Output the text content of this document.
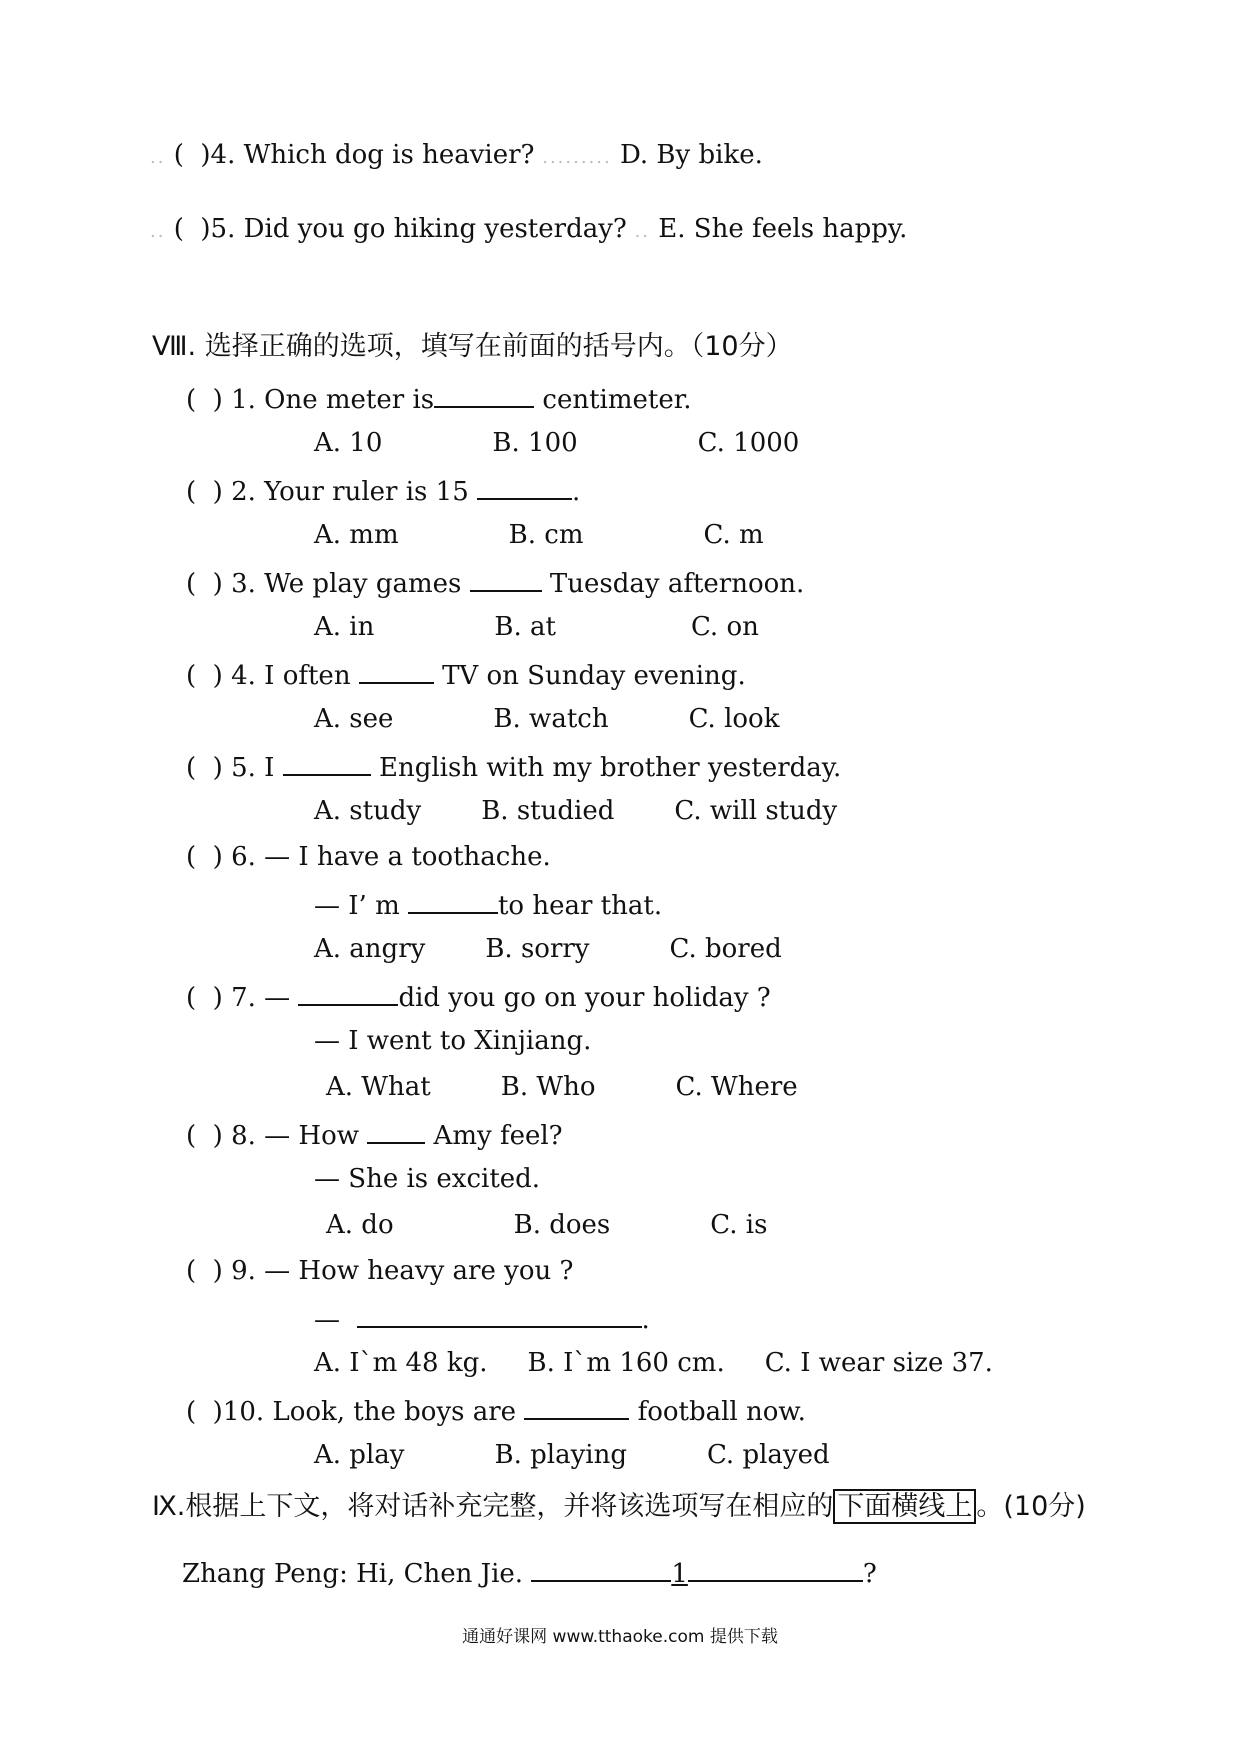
.. (  )4. Which dog is heavier? ......... D. By bike.
.. (  )5. Did you go hiking yesterday? .. E. She feels happy.
Ⅷ. 选择正确的选项，填写在前面的括号内。（10分）
(  ) 1. One meter is	centimeter.
A. 10	B. 100	C. 1000
(  ) 2. Your ruler is 15	.
A. mm	B. cm	C. m
(  ) 3. We play games	Tuesday afternoon.
A. in	B. at	C. on
(  ) 4. I often	TV on Sunday evening.
A. see	B. watch	C. look
(  ) 5. I	English with my brother yesterday.
A. study B. studied C. will study
(  ) 6. — I have a toothache.
— I’ m	to hear that.
A. angry B. sorry	C. bored
(  ) 7. —	did you go on your holiday ?
— I went to Xinjiang.
A. What	B. Who	C. Where
(  ) 8. — How  Amy feel?
— She is excited.
A. do	B. does	C. is
(  ) 9. — How heavy are you ?
—	.
A. I`m 48 kg. B. I`m 160 cm. C. I wear size 37.
(  )10. Look, the boys are	football now.
A. play	B. playing	C. played
Ⅸ.根据上下文，将对话补充完整，并将该选项写在相应的 下面横线上 。(10分)
Zhang Peng: Hi, Chen Jie.	1	?
通通好课网 www.tthaoke.com 提供下载
